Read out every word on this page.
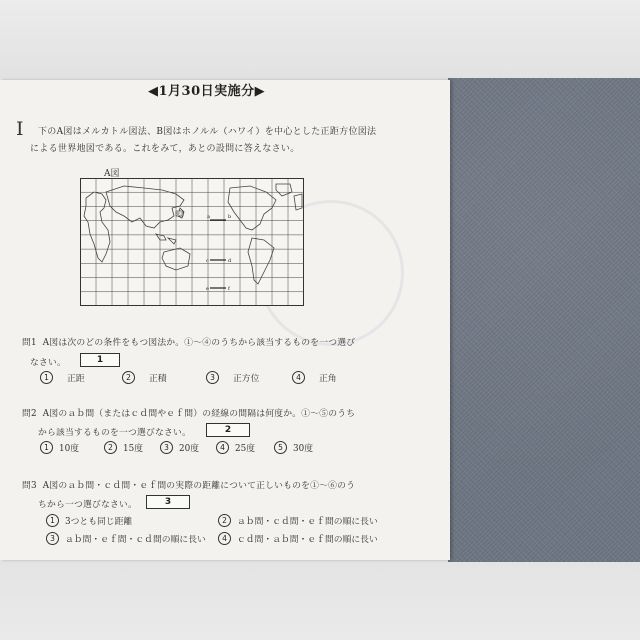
◀1月30日実施分▶
I 下のA図はメルカトル図法、B図はホノルル（ハワイ）を中心とした正距方位図法
による世界地図である。これをみて，あとの設問に答えなさい。
A図
東京
a	b
c	d
e	f
問1 A図は次のどの条件をもつ図法か。①～④のうちから該当するものを一つ選び
なさい。	1
1	正距	2	正積	3	正方位	4	正角
問2 A図のａｂ間（またはｃｄ間やｅｆ間）の経線の間隔は何度か。①～⑤のうち
から該当するものを一つ選びなさい。	2
1	10度	2	15度	3	20度	4	25度	5	30度
問3 A図のａｂ間・ｃｄ間・ｅｆ間の実際の距離について正しいものを①～⑥のう
ちから一つ選びなさい。	3
1	3つとも同じ距離	2	ａｂ間・ｃｄ間・ｅｆ間の順に長い
3	ａｂ間・ｅｆ間・ｃｄ間の順に長い	4	ｃｄ間・ａｂ間・ｅｆ間の順に長い
